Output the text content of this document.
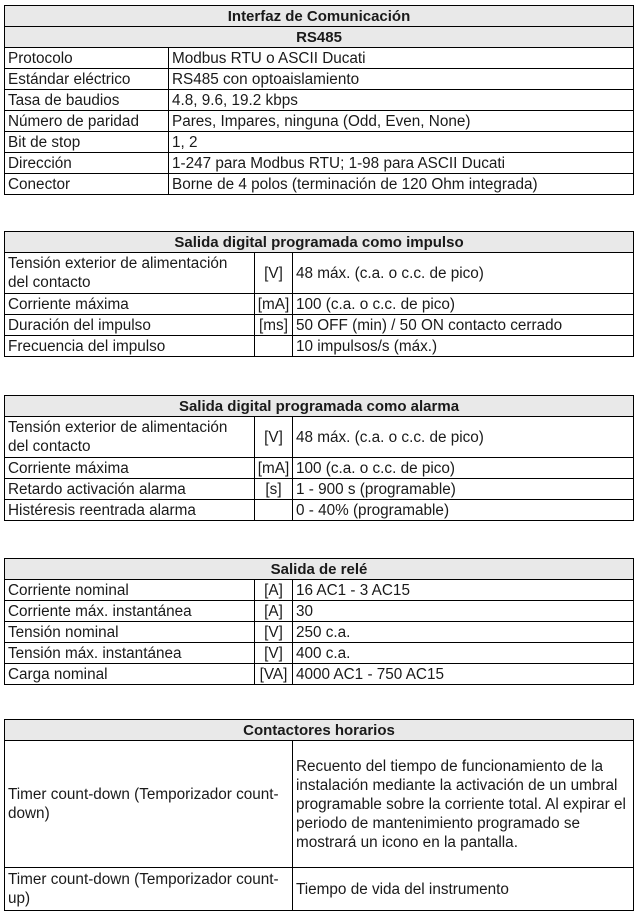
Interfaz de Comunicación	
RS485	
Protocolo	Modbus RTU o ASCII Ducati
Estándar eléctrico	RS485 con optoaislamiento
Tasa de baudios	4.8, 9.6, 19.2 kbps
Número de paridad	Pares, Impares, ninguna (Odd, Even, None)
Bit de stop	1, 2
Dirección	1-247 para Modbus RTU; 1-98 para ASCII Ducati
Conector	Borne de 4 polos (terminación de 120 Ohm integrada)
Salida digital programada como impulso		
Tensión exterior de alimentación del contacto	[V]	48 máx. (c.a. o c.c. de pico)
Corriente máxima	[mA]	100 (c.a. o c.c. de pico)
Duración del impulso	[ms]	50 OFF (min) / 50 ON contacto cerrado
Frecuencia del impulso		10 impulsos/s (máx.)
Salida digital programada como alarma		
Tensión exterior de alimentación del contacto	[V]	48 máx. (c.a. o c.c. de pico)
Corriente máxima	[mA]	100 (c.a. o c.c. de pico)
Retardo activación alarma	[s]	1 - 900 s (programable)
Histéresis reentrada alarma		0 - 40% (programable)
Salida de relé		
Corriente nominal	[A]	16 AC1 - 3 AC15
Corriente máx. instantánea	[A]	30
Tensión nominal	[V]	250 c.a.
Tensión máx. instantánea	[V]	400 c.a.
Carga nominal	[VA]	4000 AC1 - 750 AC15
Contactores horarios	
Timer count-down (Temporizador count-down)	Recuento del tiempo de funcionamiento de la instalación mediante la activación de un umbral programable sobre la corriente total. Al expirar el periodo de mantenimiento programado se mostrará un icono en la pantalla.
Timer count-down (Temporizador count-up)	Tiempo de vida del instrumento
